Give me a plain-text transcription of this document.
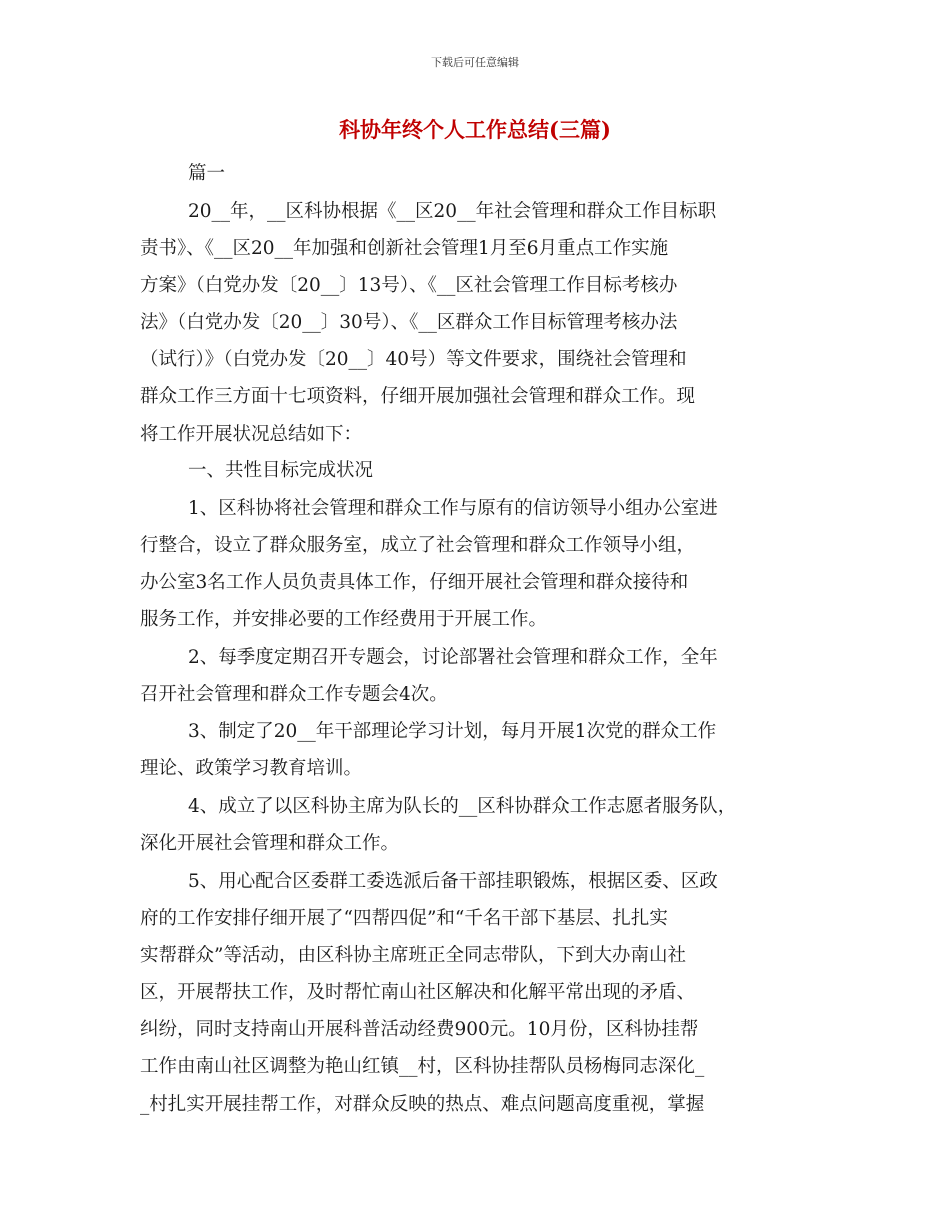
下载后可任意编辑
科协年终个人工作总结(三篇)
篇一
20__年，__区科协根据《__区20__年社会管理和群众工作目标职
责书》、《__区20__年加强和创新社会管理1月至6月重点工作实施
方案》（白党办发〔20__〕13号）、《__区社会管理工作目标考核办
法》（白党办发〔20__〕30号）、《__区群众工作目标管理考核办法
（试行）》（白党办发〔20__〕40号）等文件要求，围绕社会管理和
群众工作三方面十七项资料，仔细开展加强社会管理和群众工作。现
将工作开展状况总结如下：
一、共性目标完成状况
1、区科协将社会管理和群众工作与原有的信访领导小组办公室进
行整合，设立了群众服务室，成立了社会管理和群众工作领导小组，
办公室3名工作人员负责具体工作，仔细开展社会管理和群众接待和
服务工作，并安排必要的工作经费用于开展工作。
2、每季度定期召开专题会，讨论部署社会管理和群众工作，全年
召开社会管理和群众工作专题会4次。
3、制定了20__年干部理论学习计划，每月开展1次党的群众工作
理论、政策学习教育培训。
4、成立了以区科协主席为队长的__区科协群众工作志愿者服务队，
深化开展社会管理和群众工作。
5、用心配合区委群工委选派后备干部挂职锻炼，根据区委、区政
府的工作安排仔细开展了“四帮四促”和“千名干部下基层、扎扎实
实帮群众”等活动，由区科协主席班正全同志带队，下到大办南山社
区，开展帮扶工作，及时帮忙南山社区解决和化解平常出现的矛盾、
纠纷，同时支持南山开展科普活动经费900元。10月份，区科协挂帮
工作由南山社区调整为艳山红镇__村，区科协挂帮队员杨梅同志深化_
_村扎实开展挂帮工作，对群众反映的热点、难点问题高度重视，掌握
